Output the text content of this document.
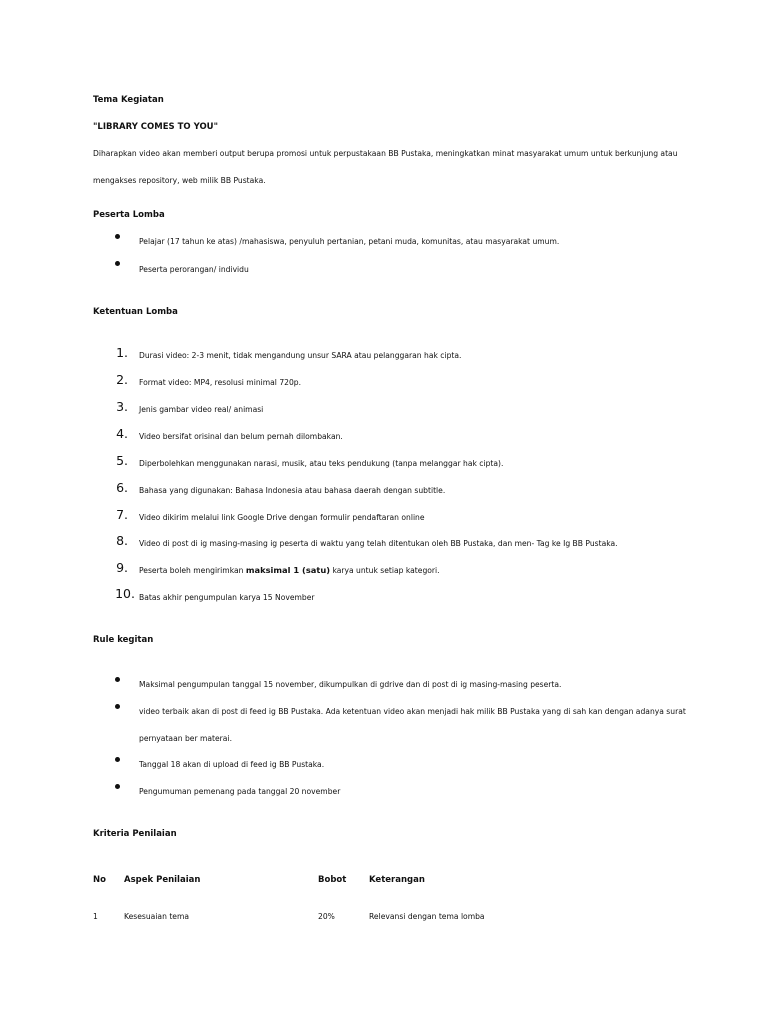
Tema Kegiatan
"LIBRARY COMES TO YOU"
Diharapkan video akan memberi output berupa promosi untuk perpustakaan BB Pustaka, meningkatkan minat masyarakat umum untuk berkunjung atau
mengakses repository, web milik BB Pustaka.
Peserta Lomba
Pelajar (17 tahun ke atas) /mahasiswa, penyuluh pertanian, petani muda, komunitas, atau masyarakat umum.
Peserta perorangan/ individu
Ketentuan Lomba
1. Durasi video: 2-3 menit, tidak mengandung unsur SARA atau pelanggaran hak cipta.
2. Format video: MP4, resolusi minimal 720p.
3. Jenis gambar video real/ animasi
4. Video bersifat orisinal dan belum pernah dilombakan.
5. Diperbolehkan menggunakan narasi, musik, atau teks pendukung (tanpa melanggar hak cipta).
6. Bahasa yang digunakan: Bahasa Indonesia atau bahasa daerah dengan subtitle.
7. Video dikirim melalui link Google Drive dengan formulir pendaftaran online
8. Video di post di ig masing-masing ig peserta di waktu yang telah ditentukan oleh BB Pustaka, dan men- Tag ke Ig BB Pustaka.
9. Peserta boleh mengirimkan maksimal 1 (satu) karya untuk setiap kategori.
10. Batas akhir pengumpulan karya 15 November
Rule kegitan
Maksimal pengumpulan tanggal 15 november, dikumpulkan di gdrive dan di post di ig masing-masing peserta.
video terbaik akan di post di feed ig BB Pustaka. Ada ketentuan video akan menjadi hak milik BB Pustaka yang di sah kan dengan adanya surat
pernyataan ber materai.
Tanggal 18 akan di upload di feed ig BB Pustaka.
Pengumuman pemenang pada tanggal 20 november
Kriteria Penilaian
No Aspek Penilaian	Bobot	Keterangan
1	Kesesuaian tema	20%	Relevansi dengan tema lomba
